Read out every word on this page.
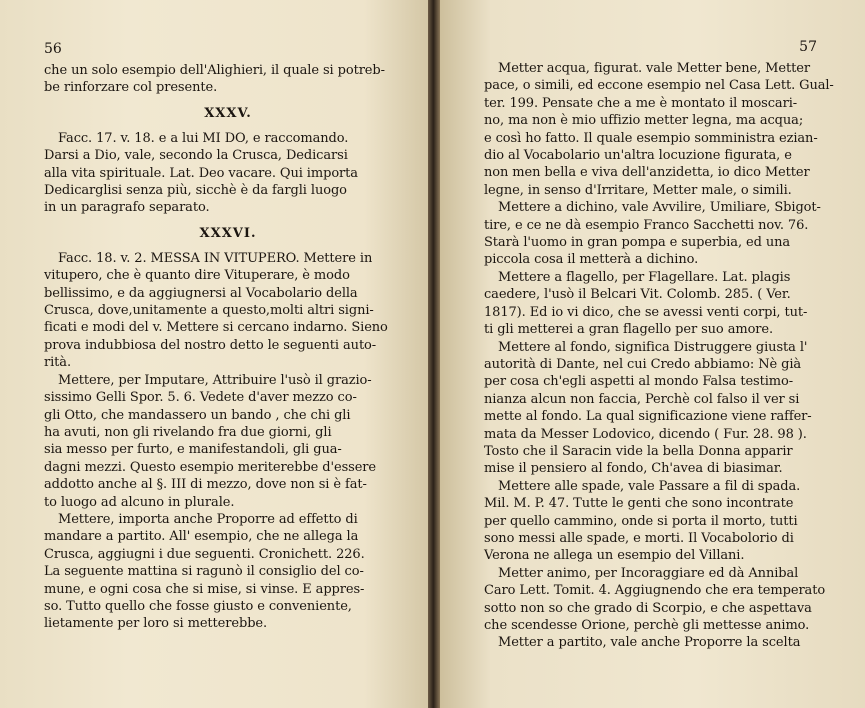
56
che un solo esempio dell'Alighieri, il quale si potreb-
be rinforzare col presente.
XXXV.
Facc. 17. v. 18. e a lui MI DO, e raccomando.
Darsi a Dio, vale, secondo la Crusca, Dedicarsi
alla vita spirituale. Lat. Deo vacare. Qui importa
Dedicarglisi senza più, sicchè è da fargli luogo
in un paragrafo separato.
XXXVI.
Facc. 18. v. 2. MESSA IN VITUPERO. Mettere in
vitupero, che è quanto dire Vituperare, è modo
bellissimo, e da aggiugnersi al Vocabolario della
Crusca, dove,unitamente a questo,molti altri signi-
ficati e modi del v. Mettere si cercano indarno. Sieno
prova indubbiosa del nostro detto le seguenti auto-
rità.
Mettere, per Imputare, Attribuire l'usò il grazio-
sissimo Gelli Spor. 5. 6. Vedete d'aver mezzo co-
gli Otto, che mandassero un bando , che chi gli
ha avuti, non gli rivelando fra due giorni, gli
sia messo per furto, e manifestandoli, gli gua-
dagni mezzi. Questo esempio meriterebbe d'essere
addotto anche al §. III di mezzo, dove non si è fat-
to luogo ad alcuno in plurale.
Mettere, importa anche Proporre ad effetto di
mandare a partito. All' esempio, che ne allega la
Crusca, aggiugni i due seguenti. Cronichett. 226.
La seguente mattina si ragunò il consiglio del co-
mune, e ogni cosa che si mise, si vinse. E appres-
so. Tutto quello che fosse giusto e conveniente,
lietamente per loro si metterebbe.
57
Metter acqua, figurat. vale Metter bene, Metter
pace, o simili, ed eccone esempio nel Casa Lett. Gual-
ter. 199. Pensate che a me è montato il moscari-
no, ma non è mio uffizio metter legna, ma acqua;
e così ho fatto. Il quale esempio somministra ezian-
dio al Vocabolario un'altra locuzione figurata, e
non men bella e viva dell'anzidetta, io dico Metter
legne, in senso d'Irritare, Metter male, o simili.
Mettere a dichino, vale Avvilire, Umiliare, Sbigot-
tire, e ce ne dà esempio Franco Sacchetti nov. 76.
Starà l'uomo in gran pompa e superbia, ed una
piccola cosa il metterà a dichino.
Mettere a flagello, per Flagellare. Lat. plagis
caedere, l'usò il Belcari Vit. Colomb. 285. ( Ver.
1817). Ed io vi dico, che se avessi venti corpi, tut-
ti gli metterei a gran flagello per suo amore.
Mettere al fondo, significa Distruggere giusta l'
autorità di Dante, nel cui Credo abbiamo: Nè già
per cosa ch'egli aspetti al mondo Falsa testimo-
nianza alcun non faccia, Perchè col falso il ver si
mette al fondo. La qual significazione viene raffer-
mata da Messer Lodovico, dicendo ( Fur. 28. 98 ).
Tosto che il Saracin vide la bella Donna apparir
mise il pensiero al fondo, Ch'avea di biasimar.
Mettere alle spade, vale Passare a fil di spada.
Mil. M. P. 47. Tutte le genti che sono incontrate
per quello cammino, onde si porta il morto, tutti
sono messi alle spade, e morti. Il Vocabolorio di
Verona ne allega un esempio del Villani.
Metter animo, per Incoraggiare ed dà Annibal
Caro Lett. Tomit. 4. Aggiugnendo che era temperato
sotto non so che grado di Scorpio, e che aspettava
che scendesse Orione, perchè gli mettesse animo.
Metter a partito, vale anche Proporre la scelta
